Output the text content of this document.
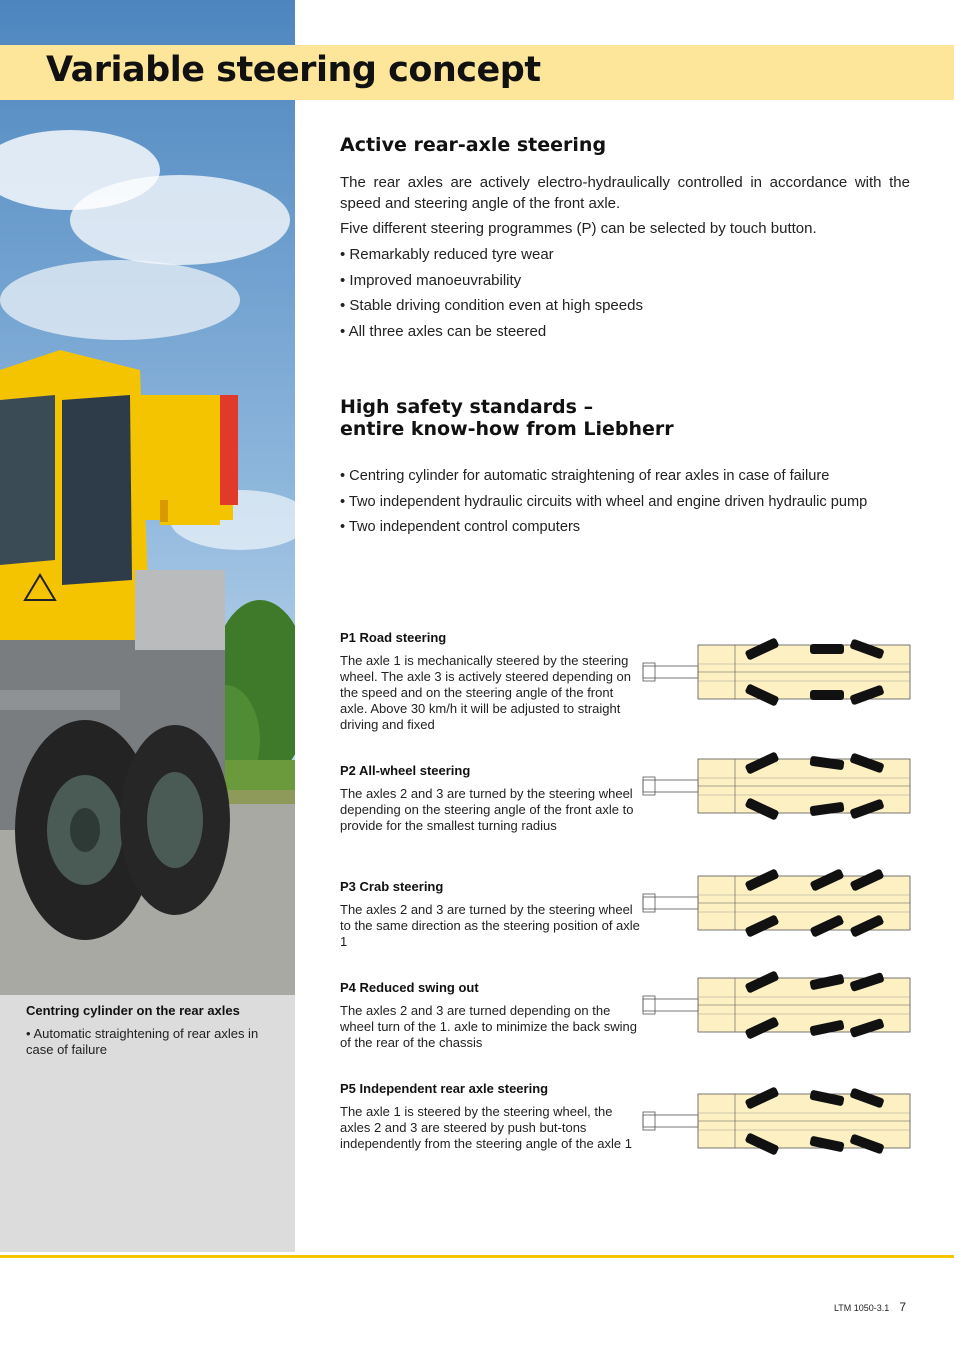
Variable steering concept
Active rear-axle steering

The rear axles are actively electro-hydraulically controlled in accordance with the speed and steering angle of the front axle.

Five different steering programmes (P) can be selected by touch button.

• Remarkably reduced tyre wear
• Improved manoeuvrability
• Stable driving condition even at high speeds
• All three axles can be steered
High safety standards –
entire know-how from Liebherr
• Centring cylinder for automatic straightening of rear axles in case of failure
• Two independent hydraulic circuits with wheel and engine driven hydraulic pump
• Two independent control computers
P1 Road steering

The axle 1 is mechanically steered by the steering wheel. The axle 3 is actively steered depending on the speed and on the steering angle of the front axle. Above 30 km/h it will be adjusted to straight driving and fixed

P2 All-wheel steering

The axles 2 and 3 are turned by the steering wheel depending on the steering angle of the front axle to provide for the smallest turning radius

P3 Crab steering

The axles 2 and 3 are turned by the steering wheel to the same direction as the steering position of axle 1

P4 Reduced swing out

The axles 2 and 3 are turned depending on the wheel turn of the 1. axle to minimize the back swing of the rear of the chassis

P5 Independent rear axle steering

The axle 1 is steered by the steering wheel, the axles 2 and 3 are steered by push but-tons independently from the steering angle of the axle 1

Centring cylinder on the rear axles

• Automatic straightening of rear axles in case of failure

LTM 1050-3.1 7
